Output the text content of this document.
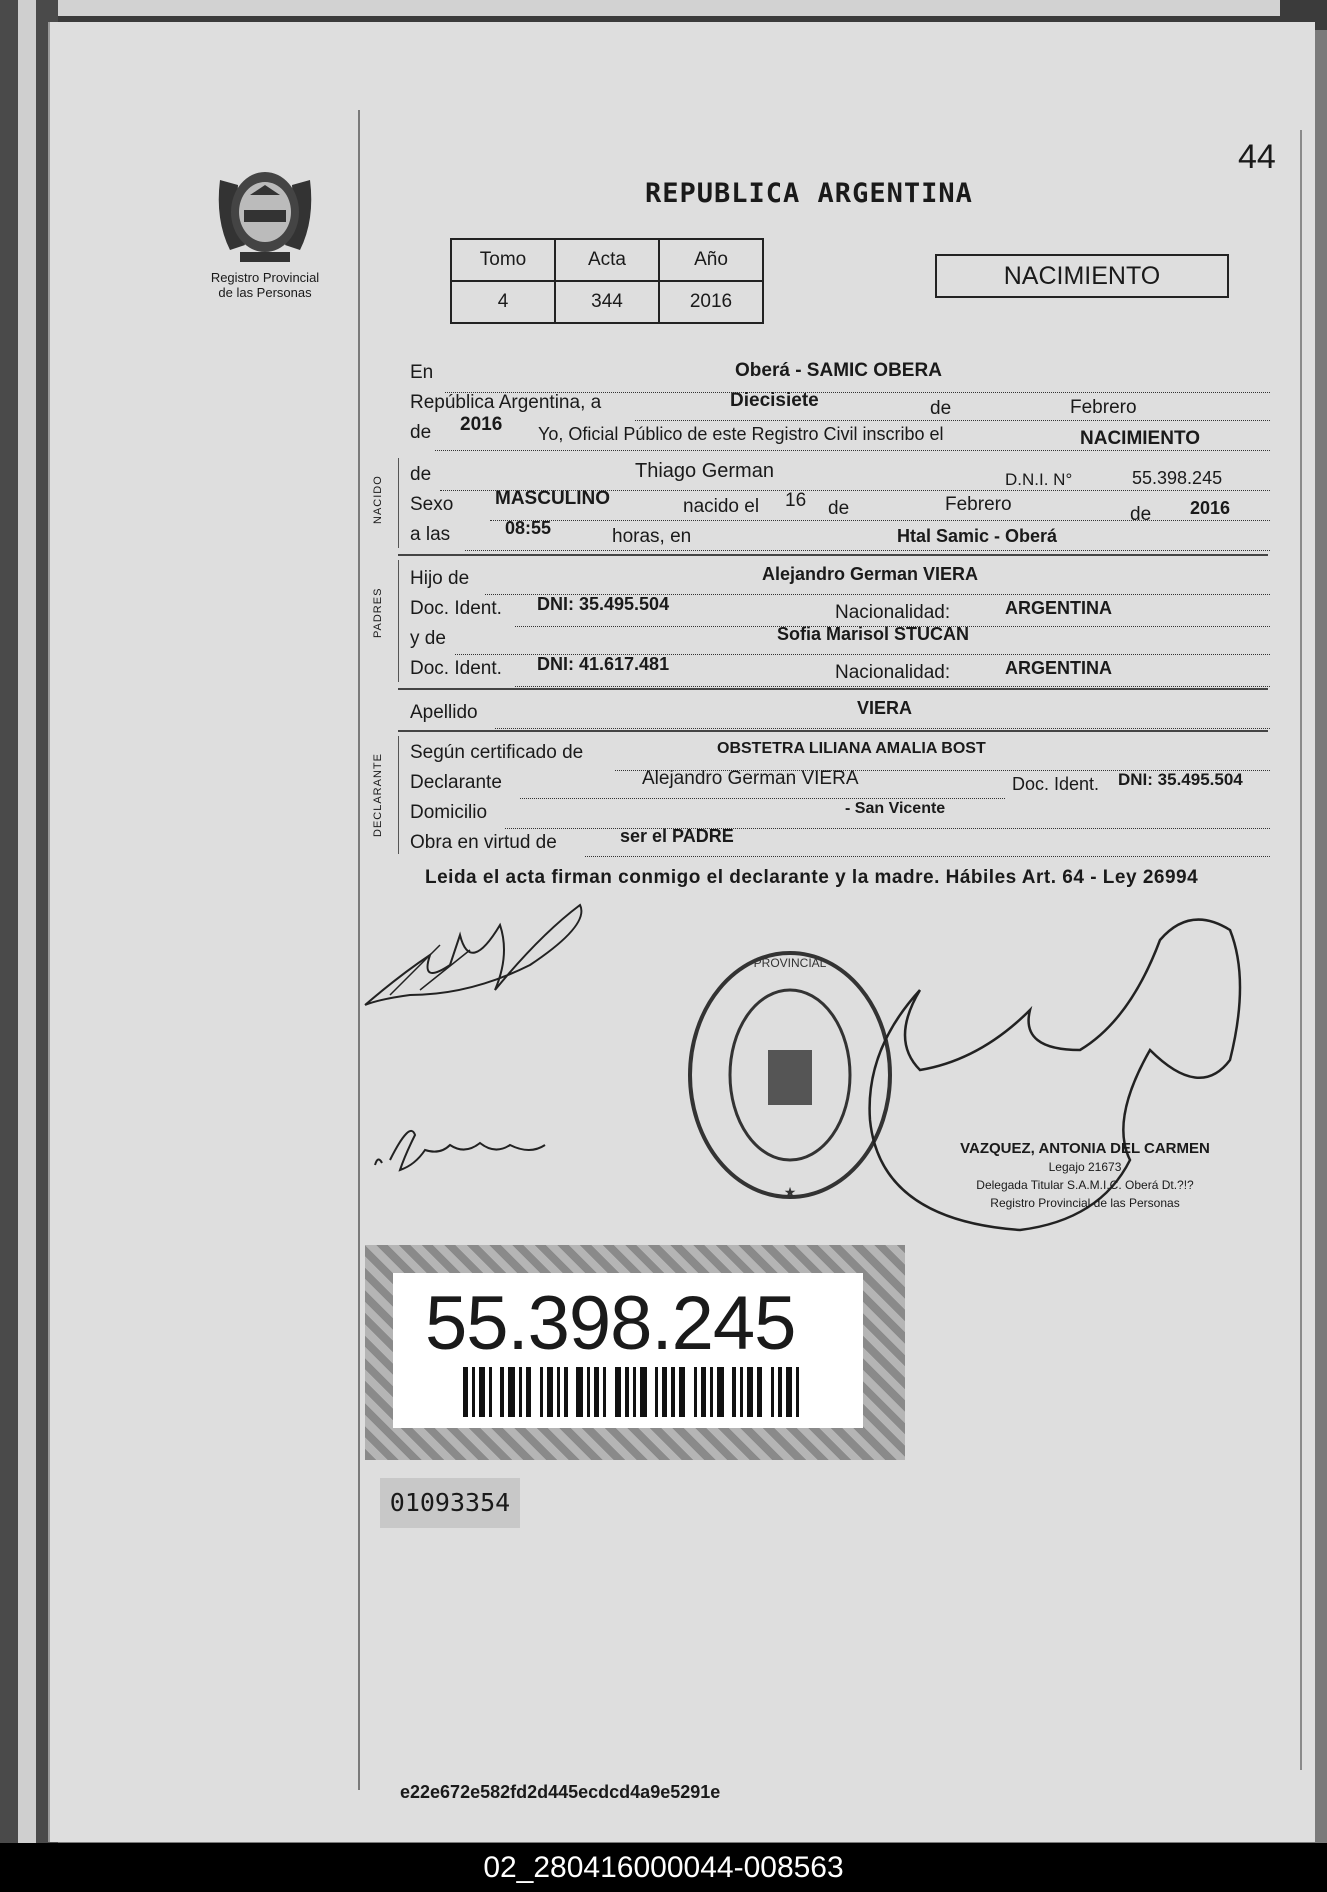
44
Registro Provincial
de las Personas
REPUBLICA ARGENTINA
Tomo	Acta	Año
4	344	2016
NACIMIENTO
En	Oberá - SAMIC OBERA
República Argentina, a	Diecisiete	de	Febrero
de 2016 Yo, Oficial Público de este Registro Civil inscribo el	NACIMIENTO
NACIDO
de	Thiago German	D.N.I. N°	55.398.245
Sexo MASCULINO	nacido el 16 de	Febrero	de 2016
a las	08:55	horas, en	Htal Samic - Oberá
PADRES
Hijo de	Alejandro German VIERA
Doc. Ident. DNI: 35.495.504	Nacionalidad:	ARGENTINA
y de	Sofia Marisol STUCAN
Doc. Ident. DNI: 41.617.481	Nacionalidad:	ARGENTINA
Apellido	VIERA
DECLARANTE
Según certificado de	OBSTETRA LILIANA AMALIA BOST
Declarante	Alejandro German VIERA	Doc. Ident. DNI: 35.495.504
Domicilio	- San Vicente
Obra en virtud de	ser el PADRE
Leida el acta firman conmigo el declarante y la madre. Hábiles Art. 64 - Ley 26994
PROVINCIAL
★
VAZQUEZ, ANTONIA DEL CARMEN
Legajo 21673
Delegada Titular S.A.M.I.C. Oberá Dt.?!?
Registro Provincial de las Personas
55.398.245

01093354
e22e672e582fd2d445ecdcd4a9e5291e
02_280416000044-008563
